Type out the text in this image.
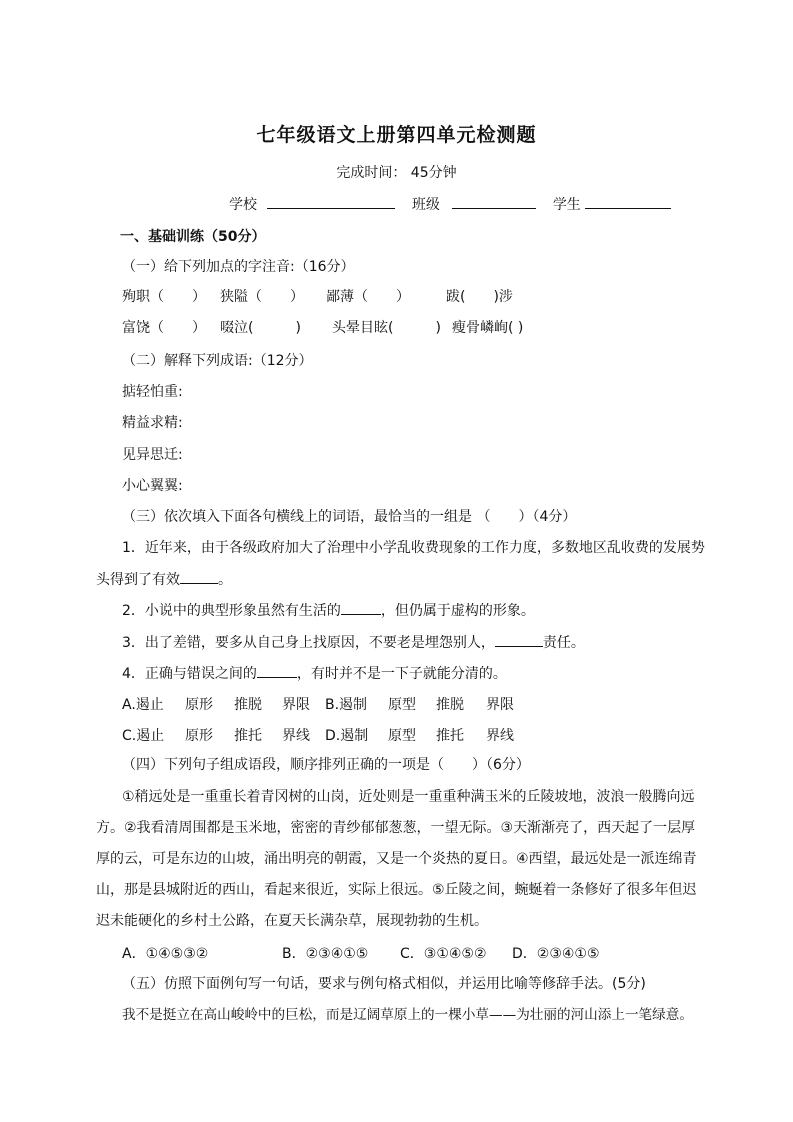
七年级语文上册第四单元检测题
完成时间： 45分钟
学校	班级	学生
一、基础训练（50分）
（一）给下列加点的字注音:（16分）
殉职（　　） 狭隘（　　） 鄙薄（　　）	跋(　　)涉
富饶（　　） 啜泣(　　　) 头晕目眩(　　　) 瘦骨嶙峋( )
（二）解释下列成语:（12分）
掂轻怕重:
精益求精:
见异思迁:
小心翼翼:
（三）依次填入下面各句横线上的词语，最恰当的一组是 （　　）（4分）
1．近年来，由于各级政府加大了治理中小学乱收费现象的工作力度，多数地区乱收费的发展势
头得到了有效	。
2．小说中的典型形象虽然有生活的	，但仍属于虚构的形象。
3．出了差错，要多从自己身上找原因，不要老是埋怨别人，	责任。
4．正确与错误之间的	，有时并不是一下子就能分清的。
A.遏止 原形 推脱 界限 B.遏制 原型 推脱 界限
C.遏止 原形 推托 界线 D.遏制 原型 推托 界线
（四）下列句子组成语段，顺序排列正确的一项是（　　）（6分）
①稍远处是一重重长着青冈树的山岗，近处则是一重重种满玉米的丘陵坡地，波浪一般腾向远
方。②我看清周围都是玉米地，密密的青纱郁郁葱葱，一望无际。③天渐渐亮了，西天起了一层厚
厚的云，可是东边的山坡，涌出明亮的朝霞，又是一个炎热的夏日。④西望，最远处是一派连绵青
山，那是县城附近的西山，看起来很近，实际上很远。⑤丘陵之间，蜿蜒着一条修好了很多年但迟
迟未能硬化的乡村土公路，在夏天长满杂草，展现勃勃的生机。
A．①④⑤③②	B．②③④①⑤ C．③①④⑤② D．②③④①⑤
（五）仿照下面例句写一句话，要求与例句格式相似，并运用比喻等修辞手法。(5分)
我不是挺立在高山峻岭中的巨松，而是辽阔草原上的一棵小草——为壮丽的河山添上一笔绿意。
